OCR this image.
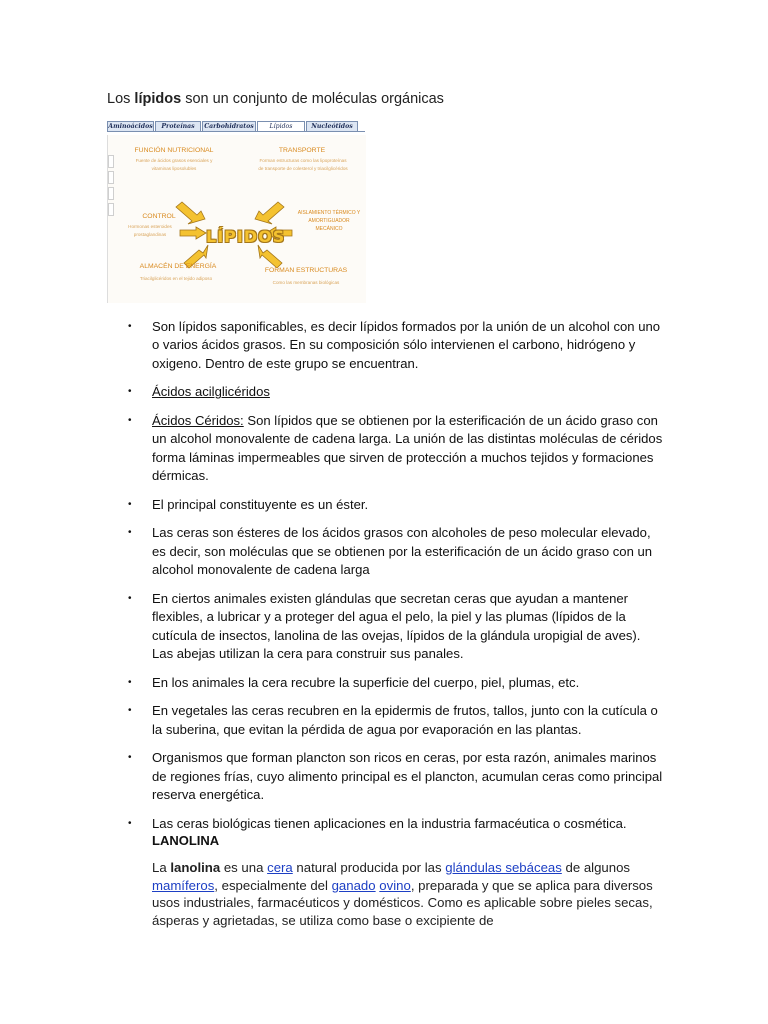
Los lípidos son un conjunto de moléculas orgánicas
Aminoácidos	Proteínas	Carbohidratos	Lípidos	Nucleótidos
FUNCIÓN NUTRICIONAL
Fuente de ácidos grasos esenciales y vitaminas liposolubles
TRANSPORTE
Forman estructuras como las lipoproteínas de transporte de colesterol y triacilglicéridos
CONTROL
Hormonas esteroides prostaglandinas
AISLAMIENTO TÉRMICO Y AMORTIGUADOR MECÁNICO
ALMACÉN DE ENERGÍA
Triacilglicéridos en el tejido adiposo
FORMAN ESTRUCTURAS
Como las membranas biológicas
LÍPIDOS
• Son lípidos saponificables, es decir lípidos formados por la unión de un alcohol con uno o varios ácidos grasos. En su composición sólo intervienen el carbono, hidrógeno y oxigeno. Dentro de este grupo se encuentran.
• Ácidos acilglicéridos
• Ácidos Céridos: Son lípidos que se obtienen por la esterificación de un ácido graso con un alcohol monovalente de cadena larga. La unión de las distintas moléculas de céridos forma láminas impermeables que sirven de protección a muchos tejidos y formaciones dérmicas.
• El principal constituyente es un éster.
• Las ceras son ésteres de los ácidos grasos con alcoholes de peso molecular elevado, es decir, son moléculas que se obtienen por la esterificación de un ácido graso con un alcohol monovalente de cadena larga
• En ciertos animales existen glándulas que secretan ceras que ayudan a mantener flexibles, a lubricar y a proteger del agua el pelo, la piel y las plumas (lípidos de la cutícula de insectos, lanolina de las ovejas, lípidos de la glándula uropigial de aves). Las abejas utilizan la cera para construir sus panales.
• En los animales la cera recubre la superficie del cuerpo, piel, plumas, etc.
• En vegetales las ceras recubren en la epidermis de frutos, tallos, junto con la cutícula o la suberina, que evitan la pérdida de agua por evaporación en las plantas.
• Organismos que forman plancton son ricos en ceras, por esta razón, animales marinos de regiones frías, cuyo alimento principal es el plancton, acumulan ceras como principal reserva energética.
• Las ceras biológicas tienen aplicaciones en la industria farmacéutica o cosmética.
LANOLINA
La lanolina es una cera natural producida por las glándulas sebáceas de algunos mamíferos, especialmente del ganado ovino, preparada y que se aplica para diversos usos industriales, farmacéuticos y domésticos. Como es aplicable sobre pieles secas, ásperas y agrietadas, se utiliza como base o excipiente de
